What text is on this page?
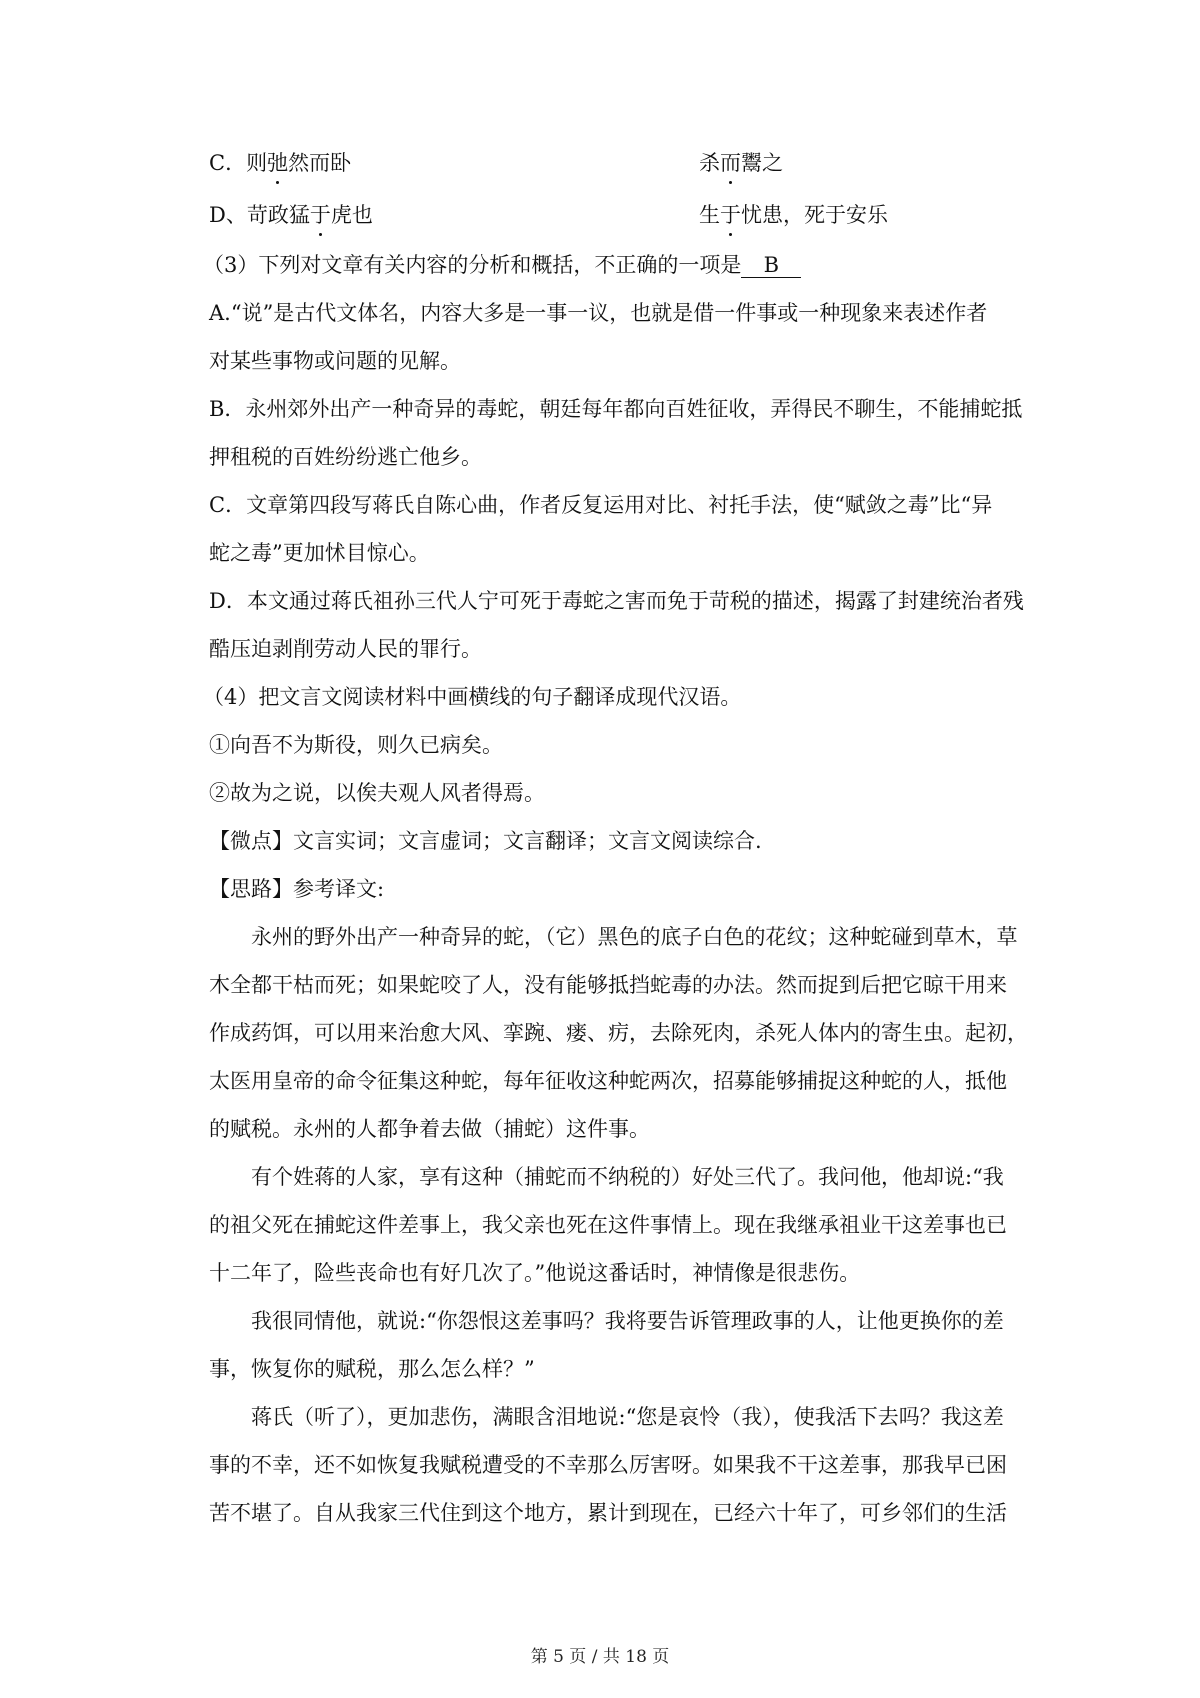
C．则弛然而卧	杀而鬻之
D、苛政猛于虎也	生于忧患，死于安乐
（3）下列对文章有关内容的分析和概括，不正确的一项是 B
A.“说”是古代文体名，内容大多是一事一议，也就是借一件事或一种现象来表述作者
对某些事物或问题的见解。
B．永州郊外出产一种奇异的毒蛇，朝廷每年都向百姓征收，弄得民不聊生，不能捕蛇抵
押租税的百姓纷纷逃亡他乡。
C．文章第四段写蒋氏自陈心曲，作者反复运用对比、衬托手法，使“赋敛之毒”比“异
蛇之毒”更加怵目惊心。
D．本文通过蒋氏祖孙三代人宁可死于毒蛇之害而免于苛税的描述，揭露了封建统治者残
酷压迫剥削劳动人民的罪行。
（4）把文言文阅读材料中画横线的句子翻译成现代汉语。
①向吾不为斯役，则久已病矣。
②故为之说，以俟夫观人风者得焉。
【微点】文言实词；文言虚词；文言翻译；文言文阅读综合.
【思路】参考译文:
永州的野外出产一种奇异的蛇，（它）黑色的底子白色的花纹；这种蛇碰到草木，草
木全都干枯而死；如果蛇咬了人，没有能够抵挡蛇毒的办法。然而捉到后把它晾干用来
作成药饵，可以用来治愈大风、挛踠、瘘、疠，去除死肉，杀死人体内的寄生虫。起初，
太医用皇帝的命令征集这种蛇，每年征收这种蛇两次，招募能够捕捉这种蛇的人，抵他
的赋税。永州的人都争着去做（捕蛇）这件事。
有个姓蒋的人家，享有这种（捕蛇而不纳税的）好处三代了。我问他，他却说:“我
的祖父死在捕蛇这件差事上，我父亲也死在这件事情上。现在我继承祖业干这差事也已
十二年了，险些丧命也有好几次了。”他说这番话时，神情像是很悲伤。
我很同情他，就说:“你怨恨这差事吗？我将要告诉管理政事的人，让他更换你的差
事，恢复你的赋税，那么怎么样？”
蒋氏（听了），更加悲伤，满眼含泪地说:“您是哀怜（我），使我活下去吗？我这差
事的不幸，还不如恢复我赋税遭受的不幸那么厉害呀。如果我不干这差事，那我早已困
苦不堪了。自从我家三代住到这个地方，累计到现在，已经六十年了，可乡邻们的生活
第 5 页 / 共 18 页
